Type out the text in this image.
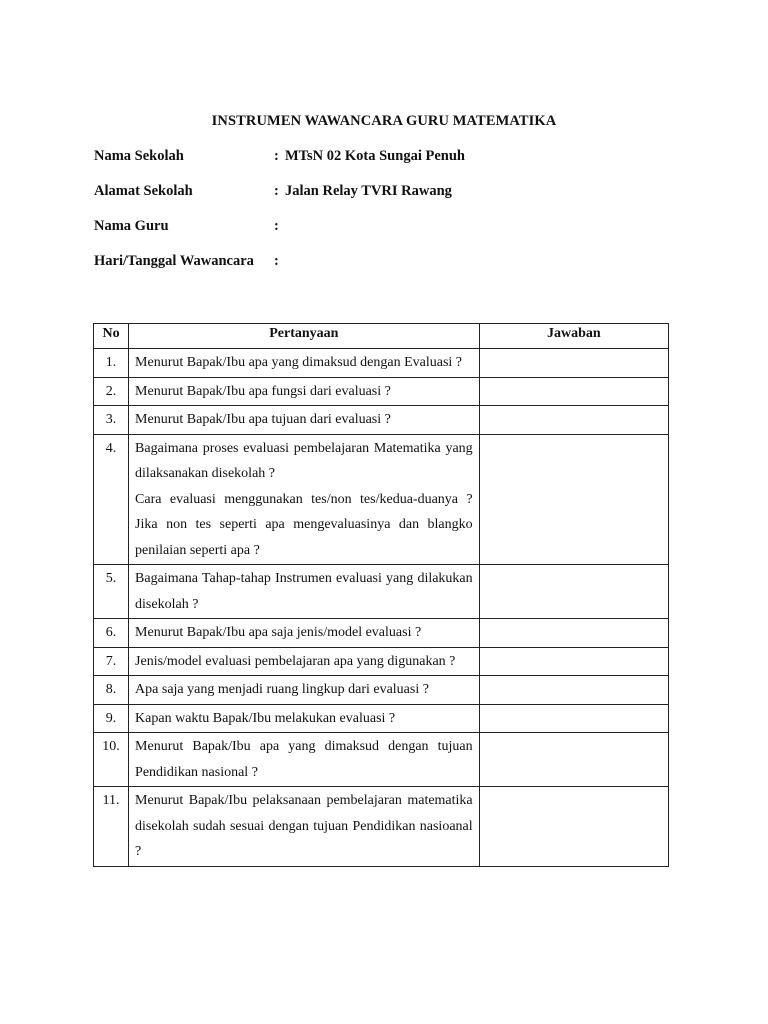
INSTRUMEN WAWANCARA GURU MATEMATIKA
Nama Sekolah	: MTsN 02 Kota Sungai Penuh
Alamat Sekolah	: Jalan Relay TVRI Rawang
Nama Guru	:
Hari/Tanggal Wawancara :
No	Pertanyaan	Jawaban
1.	Menurut Bapak/Ibu apa yang dimaksud dengan Evaluasi ?	
2.	Menurut Bapak/Ibu apa fungsi dari evaluasi ?	
3.	Menurut Bapak/Ibu apa tujuan dari evaluasi ?	
4.	Bagaimana proses evaluasi pembelajaran Matematika yang dilaksanakan disekolah ?
Cara evaluasi menggunakan tes/non tes/kedua-duanya ? Jika non tes seperti apa mengevaluasinya dan blangko penilaian seperti apa ?	

5.	Bagaimana Tahap-tahap Instrumen evaluasi yang dilakukan disekolah ?	
6.	Menurut Bapak/Ibu apa saja jenis/model evaluasi ?	
7.	Jenis/model evaluasi pembelajaran apa yang digunakan ?	
8.	Apa saja yang menjadi ruang lingkup dari evaluasi ?	
9.	Kapan waktu Bapak/Ibu melakukan evaluasi ?	
10.	Menurut Bapak/Ibu apa yang dimaksud dengan tujuan Pendidikan nasional ?	
11.	Menurut Bapak/Ibu pelaksanaan pembelajaran matematika disekolah sudah sesuai dengan tujuan Pendidikan nasioanal ?	
